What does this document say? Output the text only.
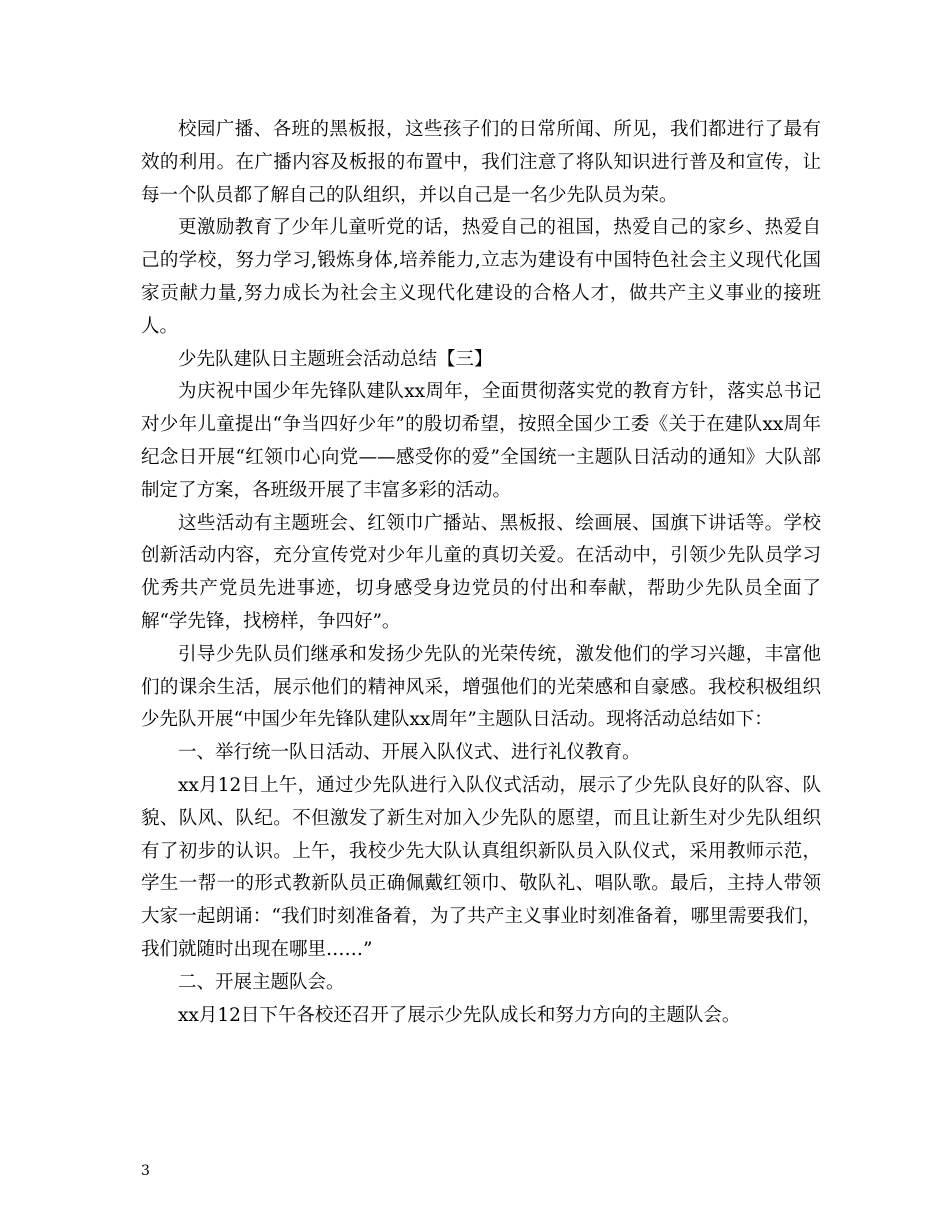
校园广播、各班的黑板报，这些孩子们的日常所闻、所见，我们都进行了最有效的利用。在广播内容及板报的布置中，我们注意了将队知识进行普及和宣传，让每一个队员都了解自己的队组织，并以自己是一名少先队员为荣。

更激励教育了少年儿童听党的话，热爱自己的祖国，热爱自己的家乡、热爱自己的学校，努力学习,锻炼身体,培养能力,立志为建设有中国特色社会主义现代化国家贡献力量,努力成长为社会主义现代化建设的合格人才，做共产主义事业的接班人。

少先队建队日主题班会活动总结【三】

为庆祝中国少年先锋队建队xx周年，全面贯彻落实党的教育方针，落实总书记对少年儿童提出“争当四好少年”的殷切希望，按照全国少工委《关于在建队xx周年纪念日开展“红领巾心向党——感受你的爱”全国统一主题队日活动的通知》大队部制定了方案，各班级开展了丰富多彩的活动。

这些活动有主题班会、红领巾广播站、黑板报、绘画展、国旗下讲话等。学校创新活动内容，充分宣传党对少年儿童的真切关爱。在活动中，引领少先队员学习优秀共产党员先进事迹，切身感受身边党员的付出和奉献，帮助少先队员全面了解“学先锋，找榜样，争四好”。

引导少先队员们继承和发扬少先队的光荣传统，激发他们的学习兴趣，丰富他们的课余生活，展示他们的精神风采，增强他们的光荣感和自豪感。我校积极组织少先队开展“中国少年先锋队建队xx周年”主题队日活动。现将活动总结如下：

一、举行统一队日活动、开展入队仪式、进行礼仪教育。

xx月12日上午，通过少先队进行入队仪式活动，展示了少先队良好的队容、队貌、队风、队纪。不但激发了新生对加入少先队的愿望，而且让新生对少先队组织有了初步的认识。上午，我校少先大队认真组织新队员入队仪式，采用教师示范，学生一帮一的形式教新队员正确佩戴红领巾、敬队礼、唱队歌。最后，主持人带领大家一起朗诵：“我们时刻准备着，为了共产主义事业时刻准备着，哪里需要我们，我们就随时出现在哪里……”

二、开展主题队会。

xx月12日下午各校还召开了展示少先队成长和努力方向的主题队会。

3
